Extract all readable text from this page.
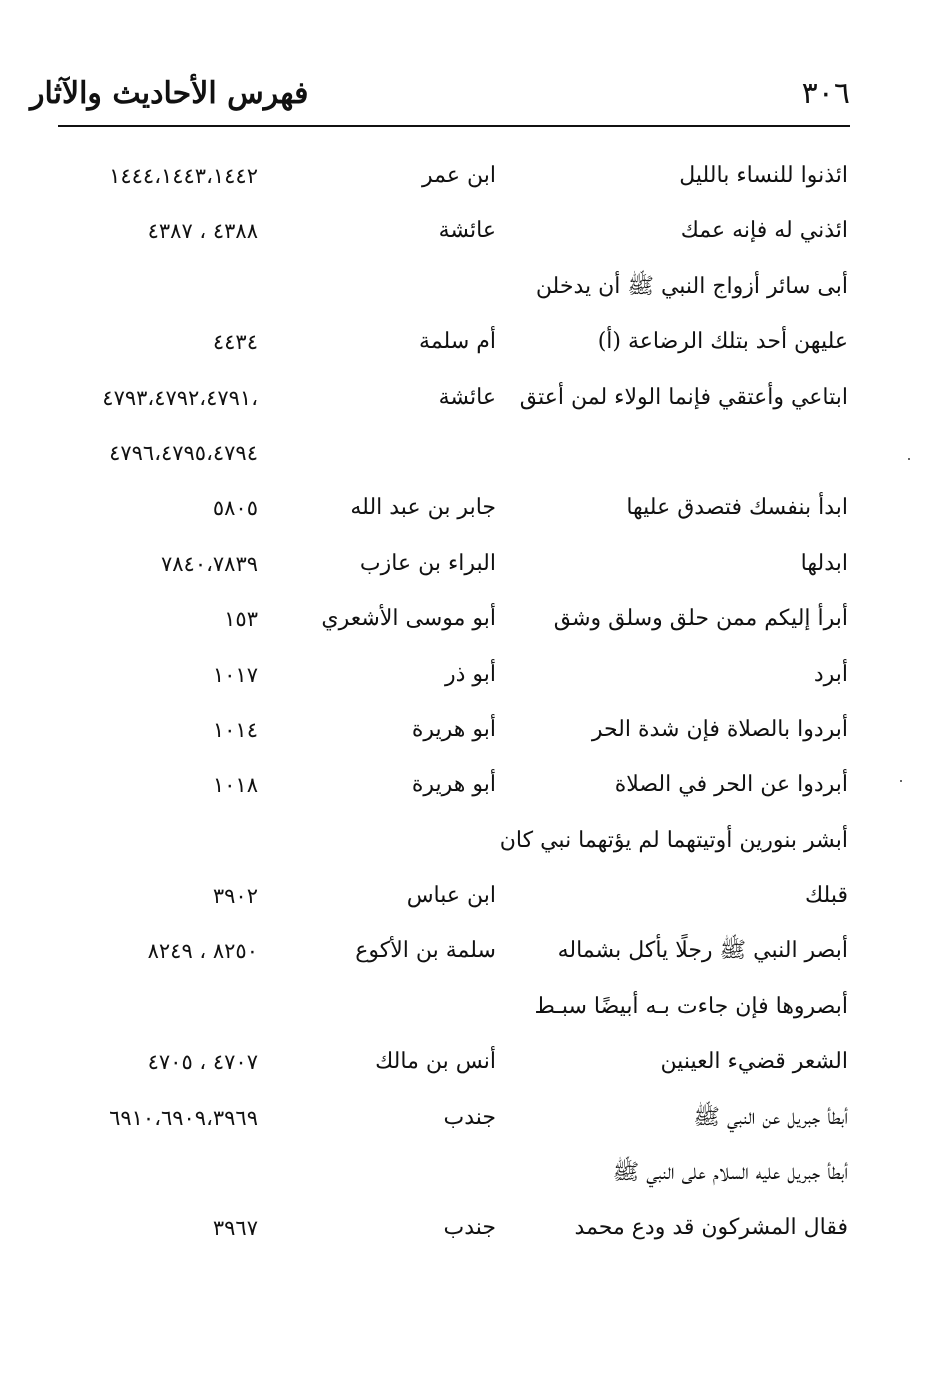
٣٠٦
فهرس الأحاديث والآثار
ائذنوا للنساء بالليل
ابن عمر
١٤٤٤،١٤٤٣،١٤٤٢
ائذني له فإنه عمك
عائشة
٤٣٨٨ ، ٤٣٨٧
أبى سائر أزواج النبي ﷺ أن يدخلن
عليهن أحد بتلك الرضاعة (أ)
أم سلمة
٤٤٣٤
ابتاعي وأعتقي فإنما الولاء لمن أعتق
عائشة
،٤٧٩٣،٤٧٩٢،٤٧٩١
٤٧٩٦،٤٧٩٥،٤٧٩٤
ابدأ بنفسك فتصدق عليها
جابر بن عبد الله
٥٨٠٥
ابدلها
البراء بن عازب
٧٨٤٠،٧٨٣٩
أبرأ إليكم ممن حلق وسلق وشق
أبو موسى الأشعري
١٥٣
أبرد
أبو ذر
١٠١٧
أبردوا بالصلاة فإن شدة الحر
أبو هريرة
١٠١٤
أبردوا عن الحر في الصلاة
أبو هريرة
١٠١٨
أبشر بنورين أوتيتهما لم يؤتهما نبي كان
قبلك
ابن عباس
٣٩٠٢
أبصر النبي ﷺ رجلًا يأكل بشماله
سلمة بن الأكوع
٨٢٥٠ ، ٨٢٤٩
أبصروها فإن جاءت بـه أبيضًا سبـط
الشعر قضيء العينين
أنس بن مالك
٤٧٠٧ ، ٤٧٠٥
أبطأ جبريل عن النبي ﷺ
جندب
٦٩١٠،٦٩٠٩،٣٩٦٩
أبطأ جبريل عليه السلام على النبي ﷺ
فقال المشركون قد ودع محمد
جندب
٣٩٦٧
